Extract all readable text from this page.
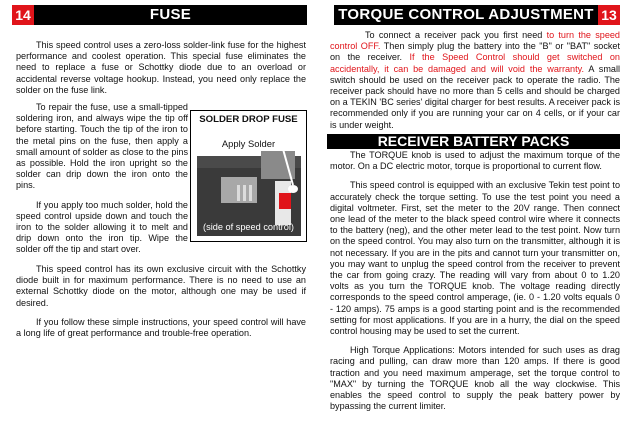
14	FUSE

This speed control uses a zero-loss solder-link fuse for the highest performance and coolest operation. This special fuse eliminates the need to replace a fuse or Schottky diode due to an overload or accidental reverse voltage hookup. Instead, you need only replace the solder on the fuse link.

To repair the fuse, use a small-tipped soldering iron, and always wipe the tip off before starting. Touch the tip of the iron to the metal pins on the fuse, then apply a small amount of solder as close to the pins as possible. Hold the iron upright so the solder can drip down the iron onto the pins.

If you apply too much solder, hold the speed control upside down and touch the iron to the solder allowing it to melt and drip down onto the iron tip. Wipe the solder off the tip and start over.

This speed control has its own exclusive circuit with the Schottky diode built in for maximum performance. There is no need to use an external Schottky diode on the motor, although one may be used if desired.

If you follow these simple instructions, your speed control will have a long life of great performance and trouble-free operation.

SOLDER DROP FUSE
Apply Solder
(side of speed control)
TORQUE CONTROL ADJUSTMENT 13

To connect a receiver pack you first need to turn the speed control OFF. Then simply plug the battery into the "B" or "BAT" socket on the receiver. If the Speed Control should get switched on accidentally, it can be damaged and will void the warranty. A small switch should be used on the receiver pack to operate the radio. The receiver pack should have no more than 5 cells and should be charged on a TEKIN 'BC series' digital charger for best results. A receiver pack is recommended only if you are running your car on 4 cells, or if your car is under weight.

RECEIVER BATTERY PACKS

The TORQUE knob is used to adjust the maximum torque of the motor. On a DC electric motor, torque is proportional to current flow.

This speed control is equipped with an exclusive Tekin test point to accurately check the torque setting. To use the test point you need a digital voltmeter. First, set the meter to the 20V range. Then connect one lead of the meter to the black speed control wire where it connects to the battery (neg), and the other meter lead to the test point. Now turn on the speed control. You may also turn on the transmitter, although it is not necessary. If you are in the pits and cannot turn your transmitter on, you may want to unplug the speed control from the receiver to prevent the car from going crazy. The reading will vary from about 0 to 1.20 volts as you turn the TORQUE knob. The voltage reading directly corresponds to the speed control amperage, (ie. 0 - 1.20 volts equals 0 - 120 amps). 75 amps is a good starting point and is the recommended setting for most applications. If you are in a hurry, the dial on the speed control housing may be used to set the current.

High Torque Applications: Motors intended for such uses as drag racing and pulling, can draw more than 120 amps. If there is good traction and you need maximum amperage, set the torque control to "MAX" by turning the TORQUE knob all the way clockwise. This enables the speed control to supply the peak battery power by bypassing the current limiter.
